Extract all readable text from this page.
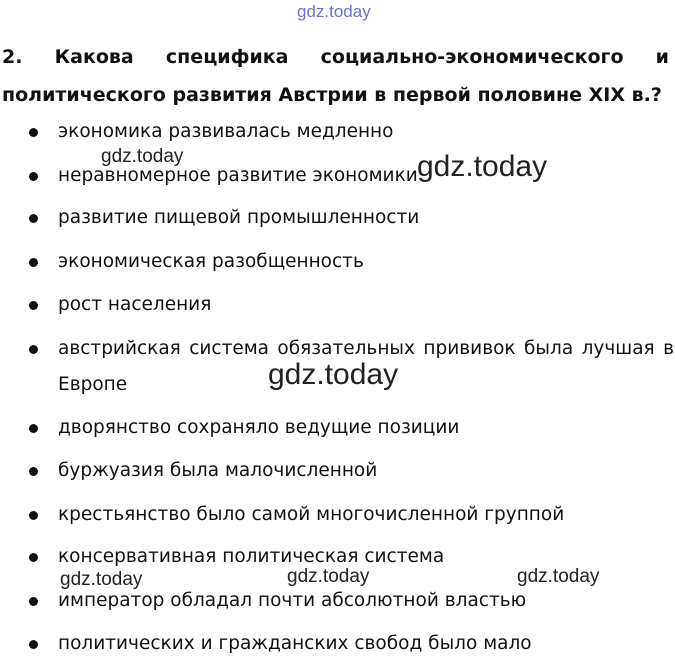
gdz.today
2. Какова специфика социально-экономического и политического развития Австрии в первой половине XIX в.?
экономика развивалась медленно
неравномерное развитие экономики
развитие пищевой промышленности
экономическая разобщенность
рост населения
австрийская система обязательных прививок была лучшая в Европе
дворянство сохраняло ведущие позиции
буржуазия была малочисленной
крестьянство было самой многочисленной группой
консервативная политическая система
император обладал почти абсолютной властью
политических и гражданских свобод было мало
gdz.today	gdz.today
gdz.today
gdz.today	gdz.today	gdz.today
